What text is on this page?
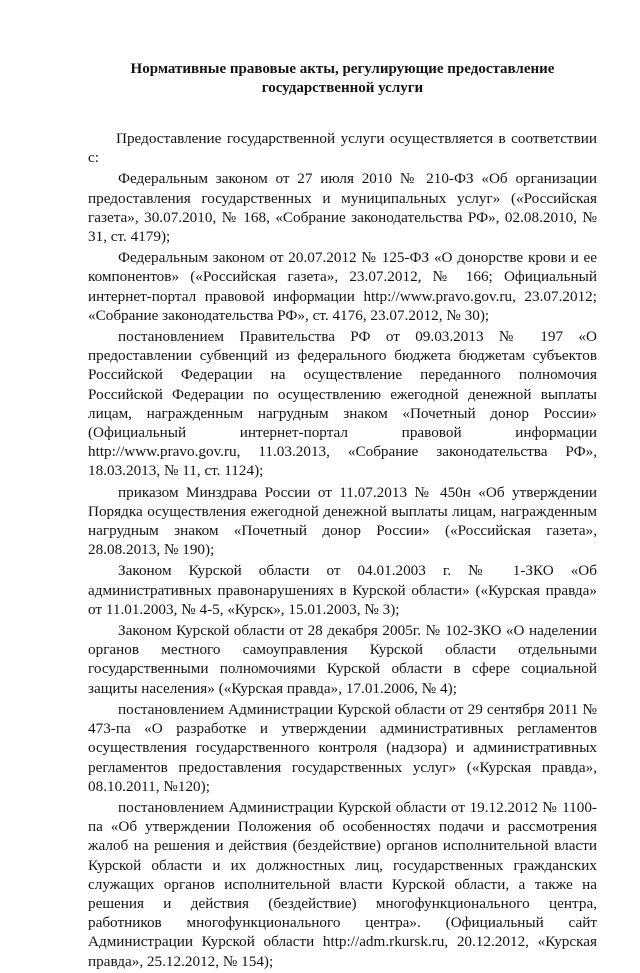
Нормативные правовые акты, регулирующие предоставление государственной услуги

Предоставление государственной услуги осуществляется в соответствии с:

Федеральным законом от 27 июля 2010 № 210-ФЗ «Об организации предоставления государственных и муниципальных услуг» («Российская газета», 30.07.2010, № 168, «Собрание законодательства РФ», 02.08.2010, № 31, ст. 4179);

Федеральным законом от 20.07.2012 № 125-ФЗ «О донорстве крови и ее компонентов» («Российская газета», 23.07.2012, № 166; Официальный интернет-портал правовой информации http://www.pravo.gov.ru, 23.07.2012; «Собрание законодательства РФ», ст. 4176, 23.07.2012, № 30);

постановлением Правительства РФ от 09.03.2013 № 197 «О предоставлении субвенций из федерального бюджета бюджетам субъектов Российской Федерации на осуществление переданного полномочия Российской Федерации по осуществлению ежегодной денежной выплаты лицам, награжденным нагрудным знаком «Почетный донор России» (Официальный интернет-портал правовой информации http://www.pravo.gov.ru, 11.03.2013, «Собрание законодательства РФ», 18.03.2013, № 11, ст. 1124);

приказом Минздрава России от 11.07.2013 № 450н «Об утверждении Порядка осуществления ежегодной денежной выплаты лицам, награжденным нагрудным знаком «Почетный донор России» («Российская газета», 28.08.2013, № 190);

Законом Курской области от 04.01.2003 г. № 1-ЗКО «Об административных правонарушениях в Курской области» («Курская правда» от 11.01.2003, № 4-5, «Курск», 15.01.2003, № 3);

Законом Курской области от 28 декабря 2005г. № 102-ЗКО «О наделении органов местного самоуправления Курской области отдельными государственными полномочиями Курской области в сфере социальной защиты населения» («Курская правда», 17.01.2006, № 4);

постановлением Администрации Курской области от 29 сентября 2011 № 473-па «О разработке и утверждении административных регламентов осуществления государственного контроля (надзора) и административных регламентов предоставления государственных услуг» («Курская правда», 08.10.2011, №120);

постановлением Администрации Курской области от 19.12.2012 № 1100-па «Об утверждении Положения об особенностях подачи и рассмотрения жалоб на решения и действия (бездействие) органов исполнительной власти Курской области и их должностных лиц, государственных гражданских служащих органов исполнительной власти Курской области, а также на решения и действия (бездействие) многофункционального центра, работников многофункционального центра». (Официальный сайт Администрации Курской области http://adm.rkursk.ru, 20.12.2012, «Курская правда», 25.12.2012, № 154);
